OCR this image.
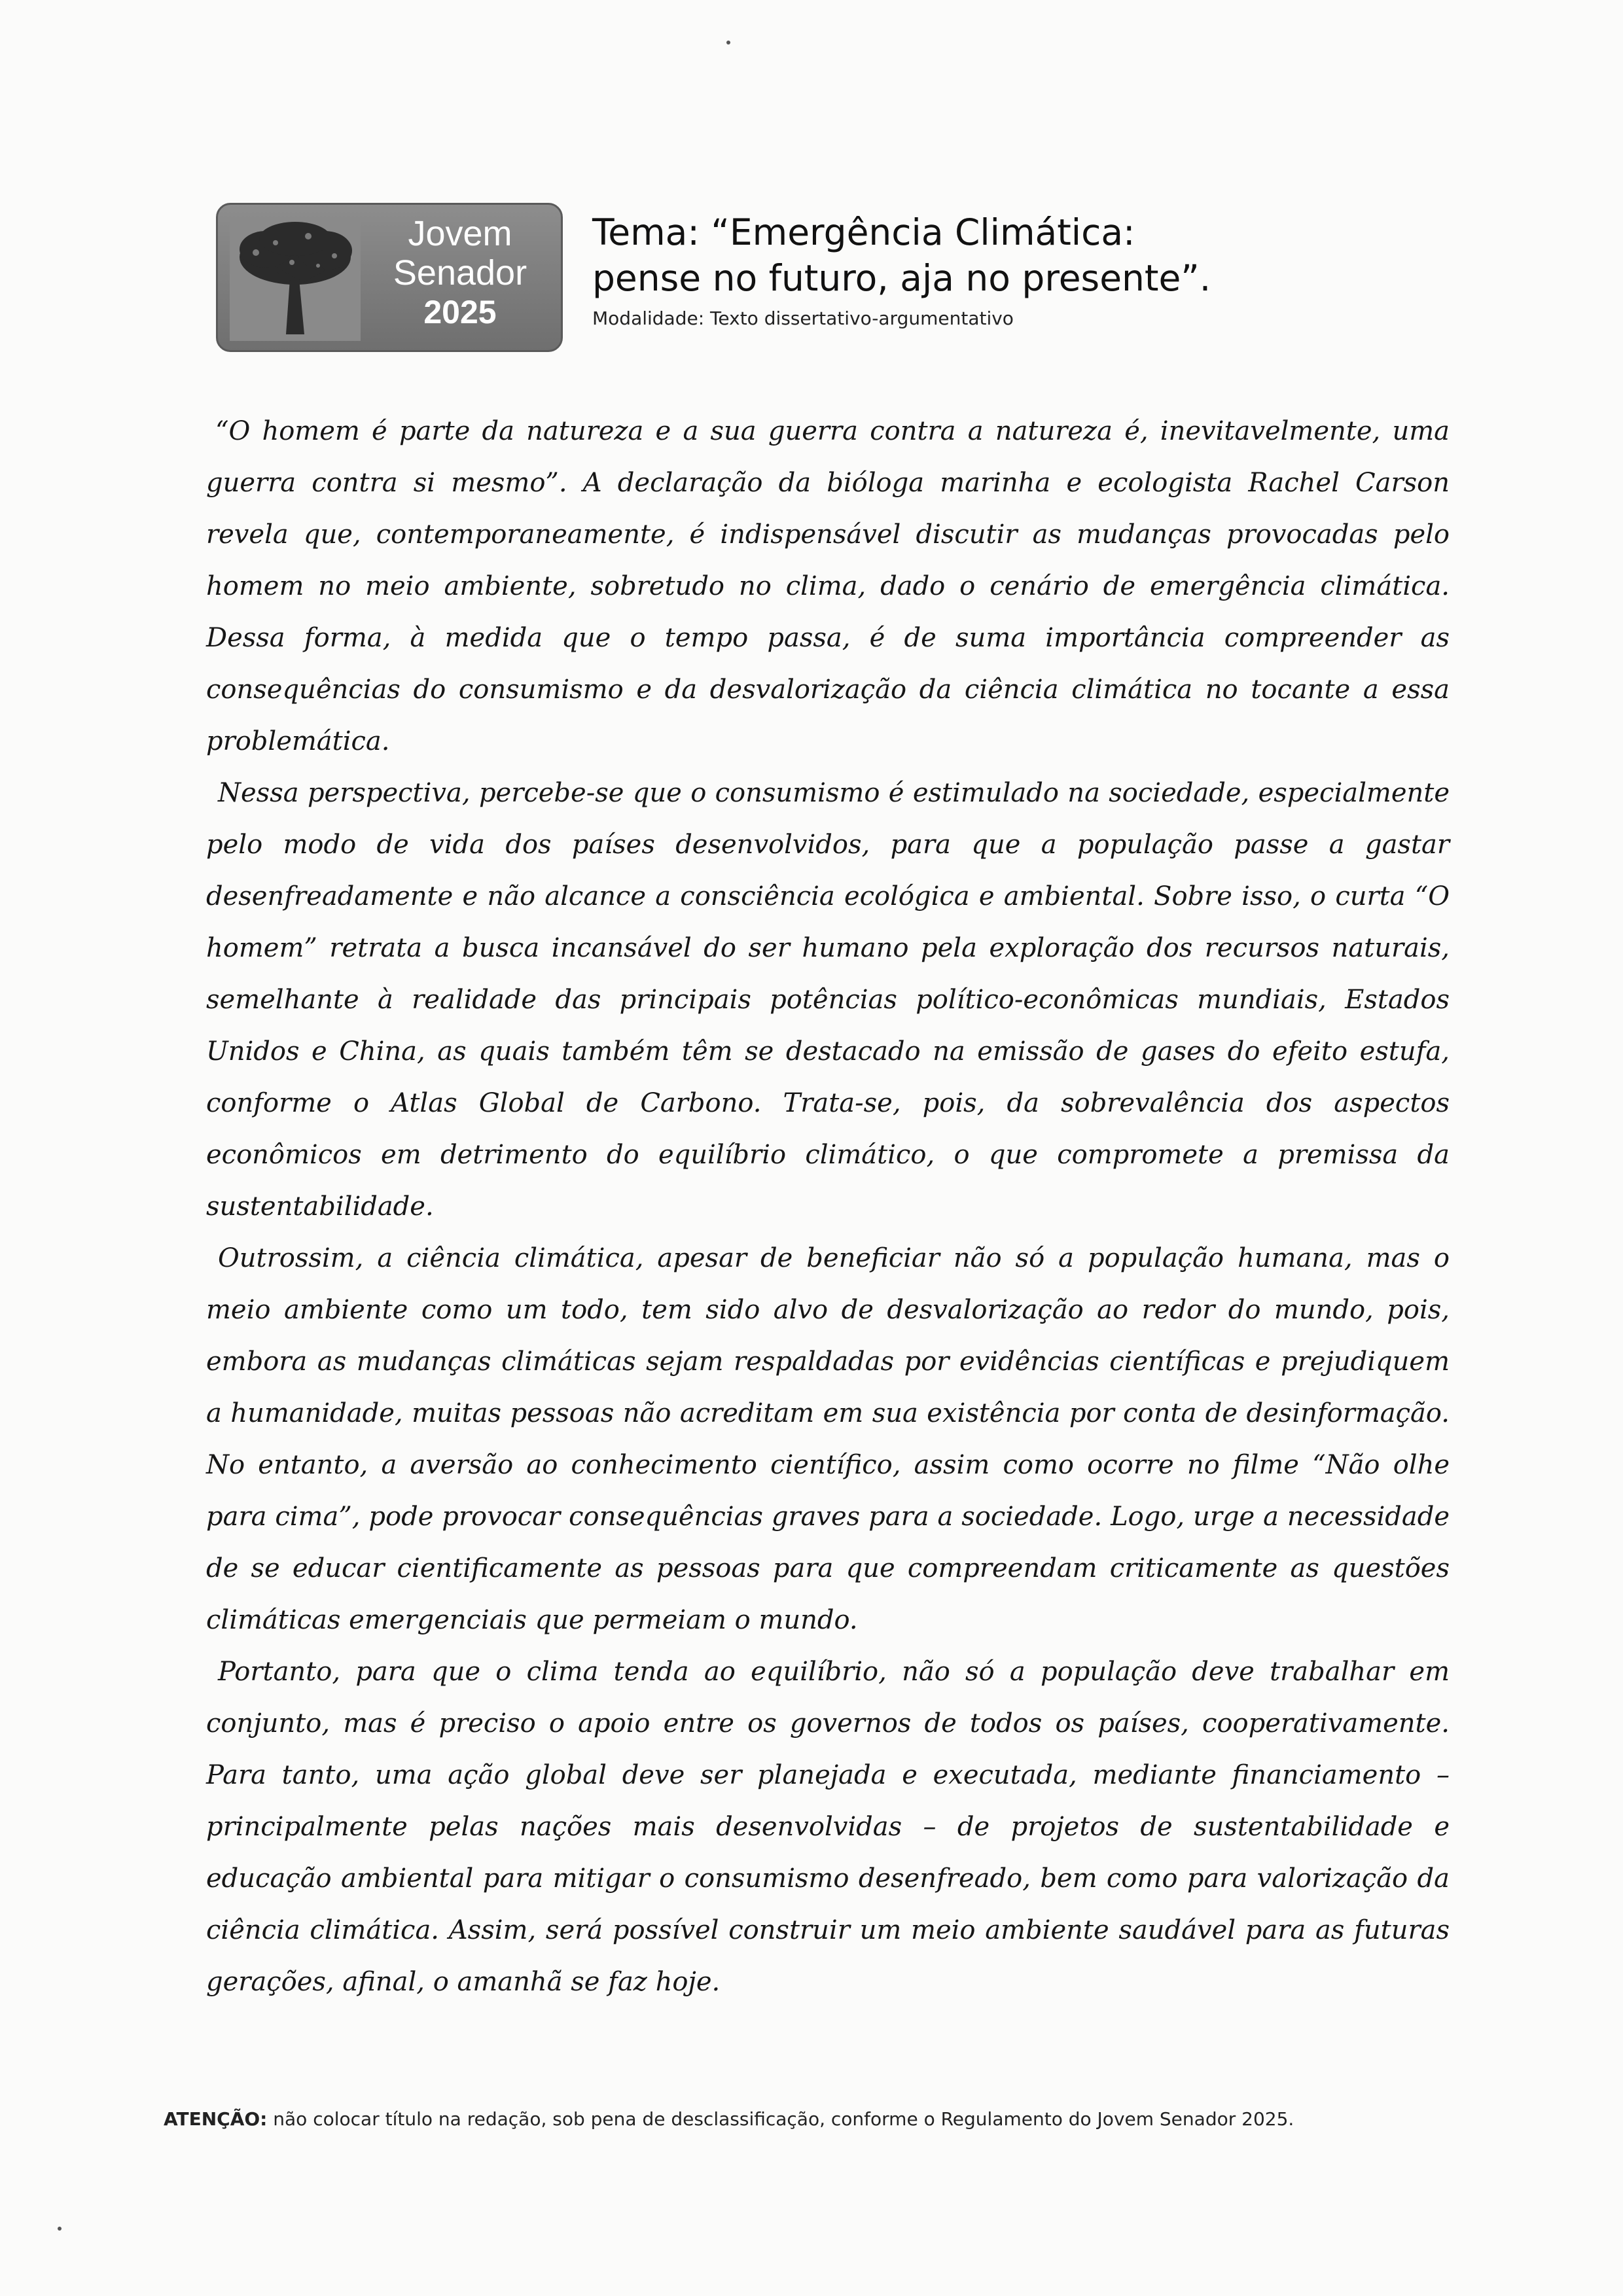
Jovem
Senador
2025
Tema: “Emergência Climática:
pense no futuro, aja no presente”.
Modalidade: Texto dissertativo-argumentativo

“O homem é parte da natureza e a sua guerra contra a natureza é, inevitavelmente, uma guerra contra si mesmo”. A declaração da bióloga marinha e ecologista Rachel Carson revela que, contemporaneamente, é indispensável discutir as mudanças provocadas pelo homem no meio ambiente, sobretudo no clima, dado o cenário de emergência climática. Dessa forma, à medida que o tempo passa, é de suma importância compreender as consequências do consumismo e da desvalorização da ciência climática no tocante a essa problemática.

Nessa perspectiva, percebe-se que o consumismo é estimulado na sociedade, especialmente pelo modo de vida dos países desenvolvidos, para que a população passe a gastar desenfreadamente e não alcance a consciência ecológica e ambiental. Sobre isso, o curta “O homem” retrata a busca incansável do ser humano pela exploração dos recursos naturais, semelhante à realidade das principais potências político-econômicas mundiais, Estados Unidos e China, as quais também têm se destacado na emissão de gases do efeito estufa, conforme o Atlas Global de Carbono. Trata-se, pois, da sobrevalência dos aspectos econômicos em detrimento do equilíbrio climático, o que compromete a premissa da sustentabilidade.

Outrossim, a ciência climática, apesar de beneficiar não só a população humana, mas o meio ambiente como um todo, tem sido alvo de desvalorização ao redor do mundo, pois, embora as mudanças climáticas sejam respaldadas por evidências científicas e prejudiquem a humanidade, muitas pessoas não acreditam em sua existência por conta de desinformação. No entanto, a aversão ao conhecimento científico, assim como ocorre no filme “Não olhe para cima”, pode provocar consequências graves para a sociedade. Logo, urge a necessidade de se educar cientificamente as pessoas para que compreendam criticamente as questões climáticas emergenciais que permeiam o mundo.

Portanto, para que o clima tenda ao equilíbrio, não só a população deve trabalhar em conjunto, mas é preciso o apoio entre os governos de todos os países, cooperativamente. Para tanto, uma ação global deve ser planejada e executada, mediante financiamento – principalmente pelas nações mais desenvolvidas – de projetos de sustentabilidade e educação ambiental para mitigar o consumismo desenfreado, bem como para valorização da ciência climática. Assim, será possível construir um meio ambiente saudável para as futuras gerações, afinal, o amanhã se faz hoje.

ATENÇÃO: não colocar título na redação, sob pena de desclassificação, conforme o Regulamento do Jovem Senador 2025.
